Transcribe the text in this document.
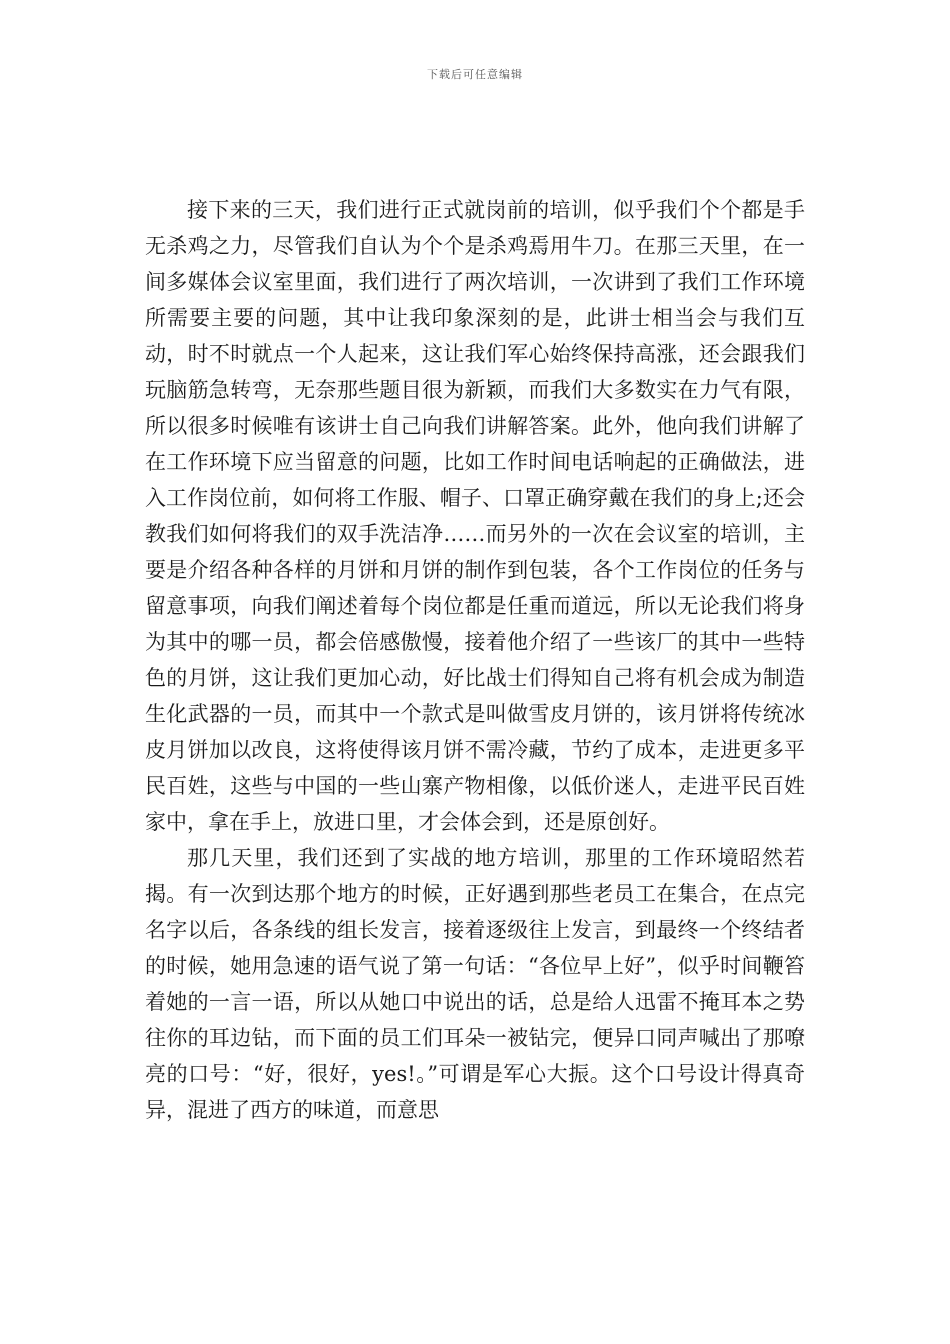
下载后可任意编辑

接下来的三天，我们进行正式就岗前的培训，似乎我们个个都是手无杀鸡之力，尽管我们自认为个个是杀鸡焉用牛刀。在那三天里，在一间多媒体会议室里面，我们进行了两次培训，一次讲到了我们工作环境所需要主要的问题，其中让我印象深刻的是，此讲士相当会与我们互动，时不时就点一个人起来，这让我们军心始终保持高涨，还会跟我们玩脑筋急转弯，无奈那些题目很为新颖，而我们大多数实在力气有限，所以很多时候唯有该讲士自己向我们讲解答案。此外，他向我们讲解了在工作环境下应当留意的问题，比如工作时间电话响起的正确做法，进入工作岗位前，如何将工作服、帽子、口罩正确穿戴在我们的身上;还会教我们如何将我们的双手洗洁净……而另外的一次在会议室的培训，主要是介绍各种各样的月饼和月饼的制作到包装，各个工作岗位的任务与留意事项，向我们阐述着每个岗位都是任重而道远，所以无论我们将身为其中的哪一员，都会倍感傲慢，接着他介绍了一些该厂的其中一些特色的月饼，这让我们更加心动，好比战士们得知自己将有机会成为制造生化武器的一员，而其中一个款式是叫做雪皮月饼的，该月饼将传统冰皮月饼加以改良，这将使得该月饼不需冷藏，节约了成本，走进更多平民百姓，这些与中国的一些山寨产物相像，以低价迷人，走进平民百姓家中，拿在手上，放进口里，才会体会到，还是原创好。

那几天里，我们还到了实战的地方培训，那里的工作环境昭然若揭。有一次到达那个地方的时候，正好遇到那些老员工在集合，在点完名字以后，各条线的组长发言，接着逐级往上发言，到最终一个终结者的时候，她用急速的语气说了第一句话：“各位早上好”，似乎时间鞭笞着她的一言一语，所以从她口中说出的话，总是给人迅雷不掩耳本之势往你的耳边钻，而下面的员工们耳朵一被钻完，便异口同声喊出了那嘹亮的口号：“好，很好，yes!。”可谓是军心大振。这个口号设计得真奇异，混进了西方的味道，而意思
